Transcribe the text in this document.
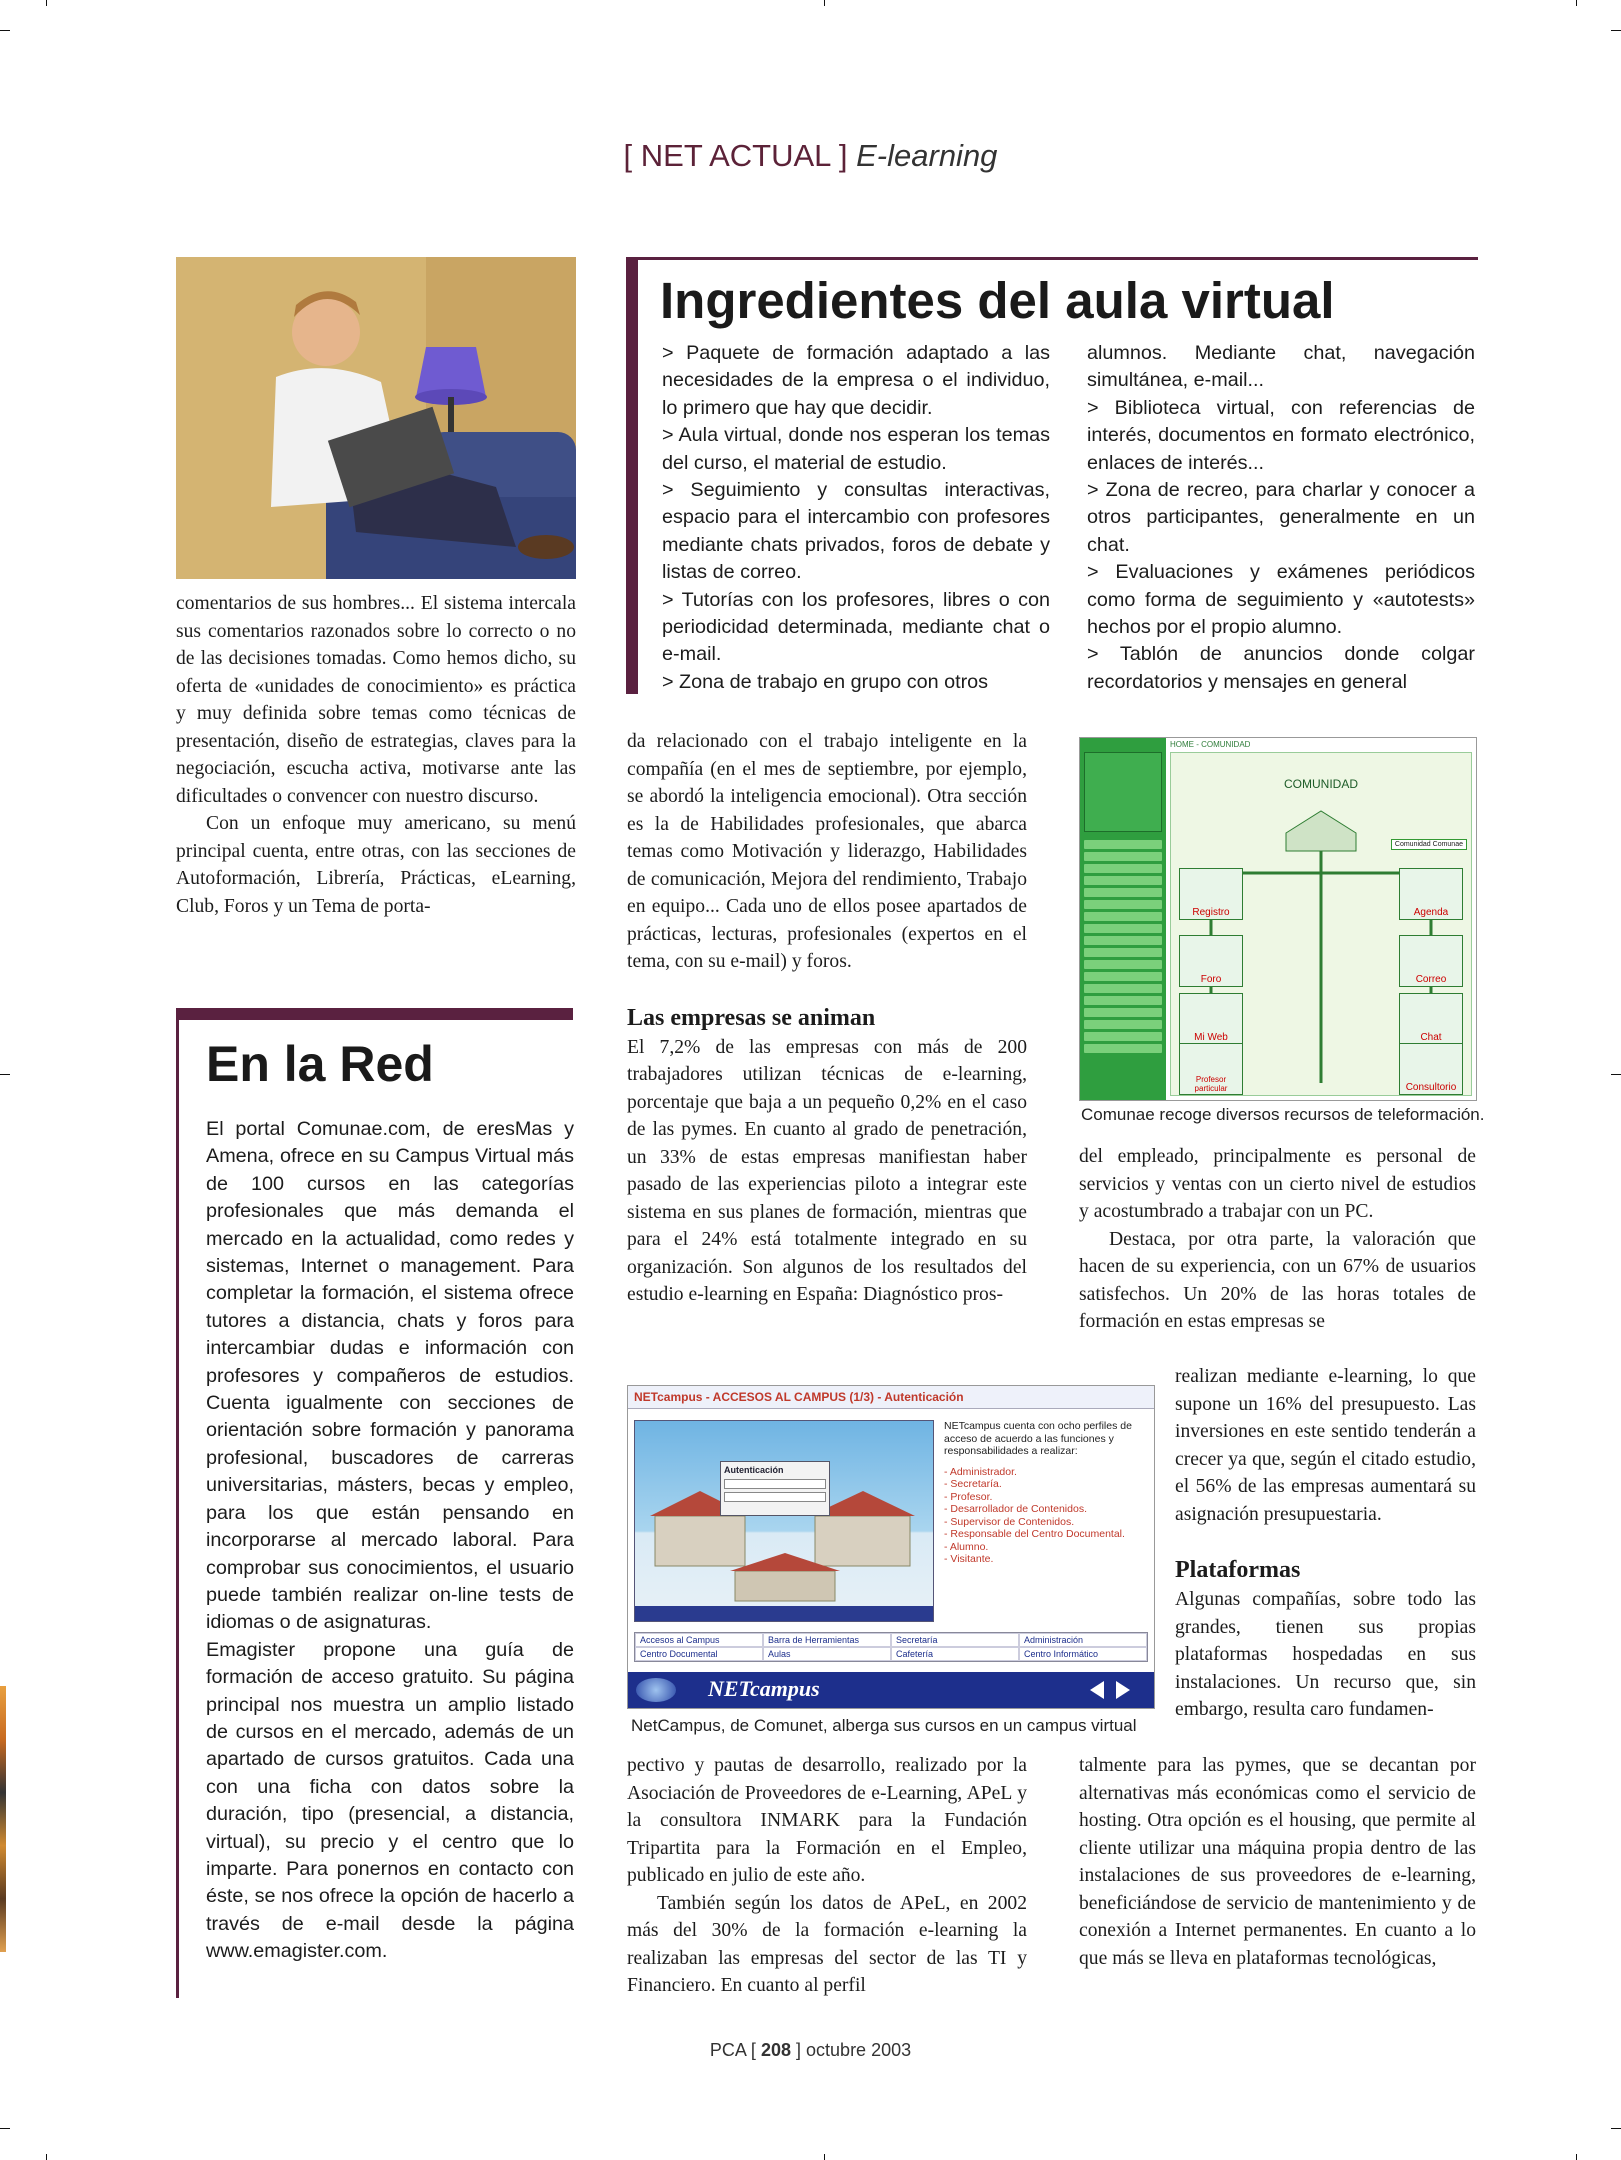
[ NET ACTUAL ] E-learning

comentarios de sus hombres... El sistema intercala sus comentarios razonados sobre lo correcto o no de las decisiones tomadas. Como hemos dicho, su oferta de «unidades de conocimiento» es práctica y muy definida sobre temas como técnicas de presentación, diseño de estrategias, claves para la negociación, escucha activa, motivarse ante las dificultades o convencer con nuestro discurso.

Con un enfoque muy americano, su menú principal cuenta, entre otras, con las secciones de Autoformación, Librería, Prácticas, eLearning, Club, Foros y un Tema de porta-

En la Red

El portal Comunae.com, de eresMas y Amena, ofrece en su Campus Virtual más de 100 cursos en las categorías profesionales que más demanda el mercado en la actualidad, como redes y sistemas, Internet o management. Para completar la formación, el sistema ofrece tutores a distancia, chats y foros para intercambiar dudas e información con profesores y compañeros de estudios. Cuenta igualmente con secciones de orientación sobre formación y panorama profesional, buscadores de carreras universitarias, másters, becas y empleo, para los que están pensando en incorporarse al mercado laboral. Para comprobar sus conocimientos, el usuario puede también realizar on-line tests de idiomas o de asignaturas.

Emagister propone una guía de formación de acceso gratuito. Su página principal nos muestra un amplio listado de cursos en el mercado, además de un apartado de cursos gratuitos. Cada una con una ficha con datos sobre la duración, tipo (presencial, a distancia, virtual), su precio y el centro que lo imparte. Para ponernos en contacto con éste, se nos ofrece la opción de hacerlo a través de e-mail desde la página www.emagister.com.

Ingredientes del aula virtual

> Paquete de formación adaptado a las necesidades de la empresa o el individuo, lo primero que hay que decidir.

> Aula virtual, donde nos esperan los temas del curso, el material de estudio.

> Seguimiento y consultas interactivas, espacio para el intercambio con profesores mediante chats privados, foros de debate y listas de correo.

> Tutorías con los profesores, libres o con periodicidad determinada, mediante chat o e-mail.

> Zona de trabajo en grupo con otros

alumnos. Mediante chat, navegación simultánea, e-mail...

> Biblioteca virtual, con referencias de interés, documentos en formato electrónico, enlaces de interés...

> Zona de recreo, para charlar y conocer a otros participantes, generalmente en un chat.

> Evaluaciones y exámenes periódicos como forma de seguimiento y «autotests» hechos por el propio alumno.

> Tablón de anuncios donde colgar recordatorios y mensajes en general

da relacionado con el trabajo inteligente en la compañía (en el mes de septiembre, por ejemplo, se abordó la inteligencia emocional). Otra sección es la de Habilidades profesionales, que abarca temas como Motivación y liderazgo, Habilidades de comunicación, Mejora del rendimiento, Trabajo en equipo... Cada uno de ellos posee apartados de prácticas, lecturas, profesionales (expertos en el tema, con su e-mail) y foros.

Las empresas se animan

El 7,2% de las empresas con más de 200 trabajadores utilizan técnicas de e-learning, porcentaje que baja a un pequeño 0,2% en el caso de las pymes. En cuanto al grado de penetración, un 33% de estas empresas manifiestan haber pasado de las experiencias piloto a integrar este sistema en sus planes de formación, mientras que para el 24% está totalmente integrado en su organización. Son algunos de los resultados del estudio e-learning en España: Diagnóstico pros-

NETcampus - ACCESOS AL CAMPUS (1/3) - Autenticación
Autenticación
NETcampus cuenta con ocho perfiles de acceso de acuerdo a las funciones y responsabilidades a realizar:
- Administrador.
- Secretaría.
- Profesor.
- Desarrollador de Contenidos.
- Supervisor de Contenidos.
- Responsable del Centro Documental.
- Alumno.
- Visitante.
Accesos al Campus	Barra de Herramientas	Secretaría	Administración
Centro Documental	Aulas	Cafetería	Centro Informático
NETcampus
NetCampus, de Comunet, alberga sus cursos en un campus virtual

pectivo y pautas de desarrollo, realizado por la Asociación de Proveedores de e-Learning, APeL y la consultora INMARK para la Fundación Tripartita para la Formación en el Empleo, publicado en julio de este año.

También según los datos de APeL, en 2002 más del 30% de la formación e-learning la realizaban las empresas del sector de las TI y Financiero. En cuanto al perfil

HOME - COMUNIDAD
COMUNIDAD
Comunidad Comunae
Registro	Agenda
Foro	Correo
Mi Web	Chat
Profesor particular	Consultorio
Comunae recoge diversos recursos de teleformación.

del empleado, principalmente es personal de servicios y ventas con un cierto nivel de estudios y acostumbrado a trabajar con un PC.

Destaca, por otra parte, la valoración que hacen de su experiencia, con un 67% de usuarios satisfechos. Un 20% de las horas totales de formación en estas empresas se

realizan mediante e-learning, lo que supone un 16% del presupuesto. Las inversiones en este sentido tenderán a crecer ya que, según el citado estudio, el 56% de las empresas aumentará su asignación presupuestaria.

Plataformas

Algunas compañías, sobre todo las grandes, tienen sus propias plataformas hospedadas en sus instalaciones. Un recurso que, sin embargo, resulta caro fundamen-

talmente para las pymes, que se decantan por alternativas más económicas como el servicio de hosting. Otra opción es el housing, que permite al cliente utilizar una máquina propia dentro de las instalaciones de sus proveedores de e-learning, beneficiándose de servicio de mantenimiento y de conexión a Internet permanentes. En cuanto a lo que más se lleva en plataformas tecnológicas,

PCA [ 208 ] octubre 2003
